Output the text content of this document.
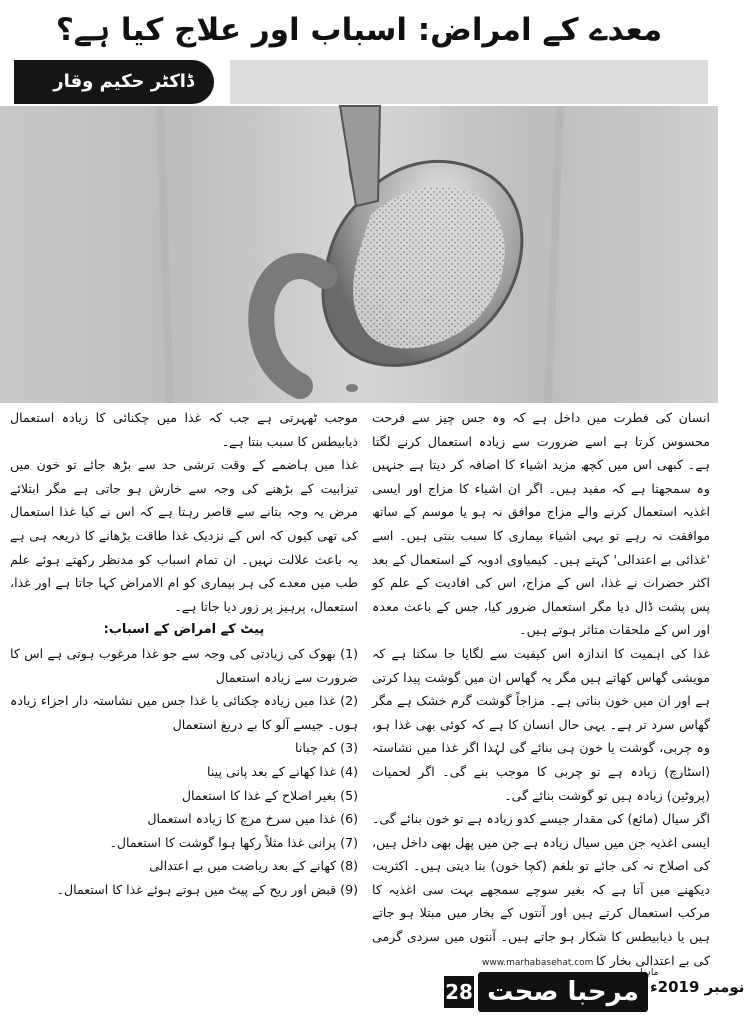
معدے کے امراض: اسباب اور علاج کیا ہے؟
ڈاکٹر حکیم وقار

انسان کی فطرت میں داخل ہے کہ وہ جس چیز سے فرحت محسوس کرتا ہے اسے ضرورت سے زیادہ استعمال کرنے لگتا ہے۔ کبھی اس میں کچھ مزید اشیاء کا اضافہ کر دیتا ہے جنہیں وہ سمجھتا ہے کہ مفید ہیں۔ اگر ان اشیاء کا مزاج اور ایسی اغذیہ استعمال کرنے والے مزاج موافق نہ ہو یا موسم کے ساتھ موافقت نہ رہے تو یہی اشیاء بیماری کا سبب بنتی ہیں۔ اسے 'غذائی بے اعتدالی' کہتے ہیں۔ کیمیاوی ادویہ کے استعمال کے بعد اکثر حضرات نے غذا، اس کے مزاج، اس کی افادیت کے علم کو پس پشت ڈال دیا مگر استعمال ضرور کیا، جس کے باعث معدہ اور اس کے ملحقات متاثر ہوتے ہیں۔

غذا کی اہمیت کا اندازہ اس کیفیت سے لگایا جا سکتا ہے کہ مویشی گھاس کھاتے ہیں مگر یہ گھاس ان میں گوشت پیدا کرتی ہے اور ان میں خون بناتی ہے۔ مزاجاً گوشت گرم خشک ہے مگر گھاس سرد تر ہے۔ یہی حال انسان کا ہے کہ کوئی بھی غذا ہو، وہ چربی، گوشت یا خون ہی بنائے گی لہٰذا اگر غذا میں نشاستہ (اسٹارچ) زیادہ ہے تو چربی کا موجب بنے گی۔ اگر لحمیات (پروٹین) زیادہ ہیں تو گوشت بنائے گی۔

اگر سیال (مائع) کی مقدار جیسے کدو زیادہ ہے تو خون بنائے گی۔ ایسی اغذیہ جن میں سیال زیادہ ہے جن میں پھل بھی داخل ہیں، کی اصلاح نہ کی جائے تو بلغم (کچا خون) بنا دیتی ہیں۔ اکثریت دیکھنے میں آتا ہے کہ بغیر سوچے سمجھے بہت سی اغذیہ کا مرکب استعمال کرتے ہیں اور آنتوں کے بخار میں مبتلا ہو جاتے ہیں یا ذیابیطس کا شکار ہو جاتے ہیں۔ آنتوں میں سردی گرمی کی بے اعتدالی بخار کا

موجب ٹھہرتی ہے جب کہ غذا میں چکنائی کا زیادہ استعمال ذیابیطس کا سبب بنتا ہے۔

غذا میں ہاضمے کے وقت ترشی حد سے بڑھ جائے تو خون میں تیزابیت کے بڑھنے کی وجہ سے خارش ہو جاتی ہے مگر ابتلائے مرض یہ وجہ بتانے سے قاصر رہتا ہے کہ اس نے کیا غذا استعمال کی تھی کیوں کہ اس کے نزدیک غذا طاقت بڑھانے کا ذریعہ ہی ہے یہ باعث علالت نہیں۔ ان تمام اسباب کو مدنظر رکھتے ہوئے علم طب میں معدے کی ہر بیماری کو ام الامراض کہا جاتا ہے اور غذا، استعمال، پرہیز پر زور دیا جاتا ہے۔

پیٹ کے امراض کے اسباب:

(1) بھوک کی زیادتی کی وجہ سے جو غذا مرغوب ہوتی ہے اس کا ضرورت سے زیادہ استعمال
(2) غذا میں زیادہ چکنائی یا غذا جس میں نشاستہ دار اجزاء زیادہ ہوں۔ جیسے آلو کا بے دریغ استعمال
(3) کم چبانا
(4) غذا کھانے کے بعد پانی پینا
(5) بغیر اصلاح کے غذا کا استعمال
(6) غذا میں سرخ مرچ کا زیادہ استعمال
(7) پرانی غذا مثلاً رکھا ہوا گوشت کا استعمال۔
(8) کھانے کے بعد ریاضت میں بے اعتدالی
(9) قبض اور ریح کے پیٹ میں ہوتے ہوئے غذا کا استعمال۔
www.marhabasehat.com
28 مرحبا صحت
ماہنامہ
نومبر 2019ء
